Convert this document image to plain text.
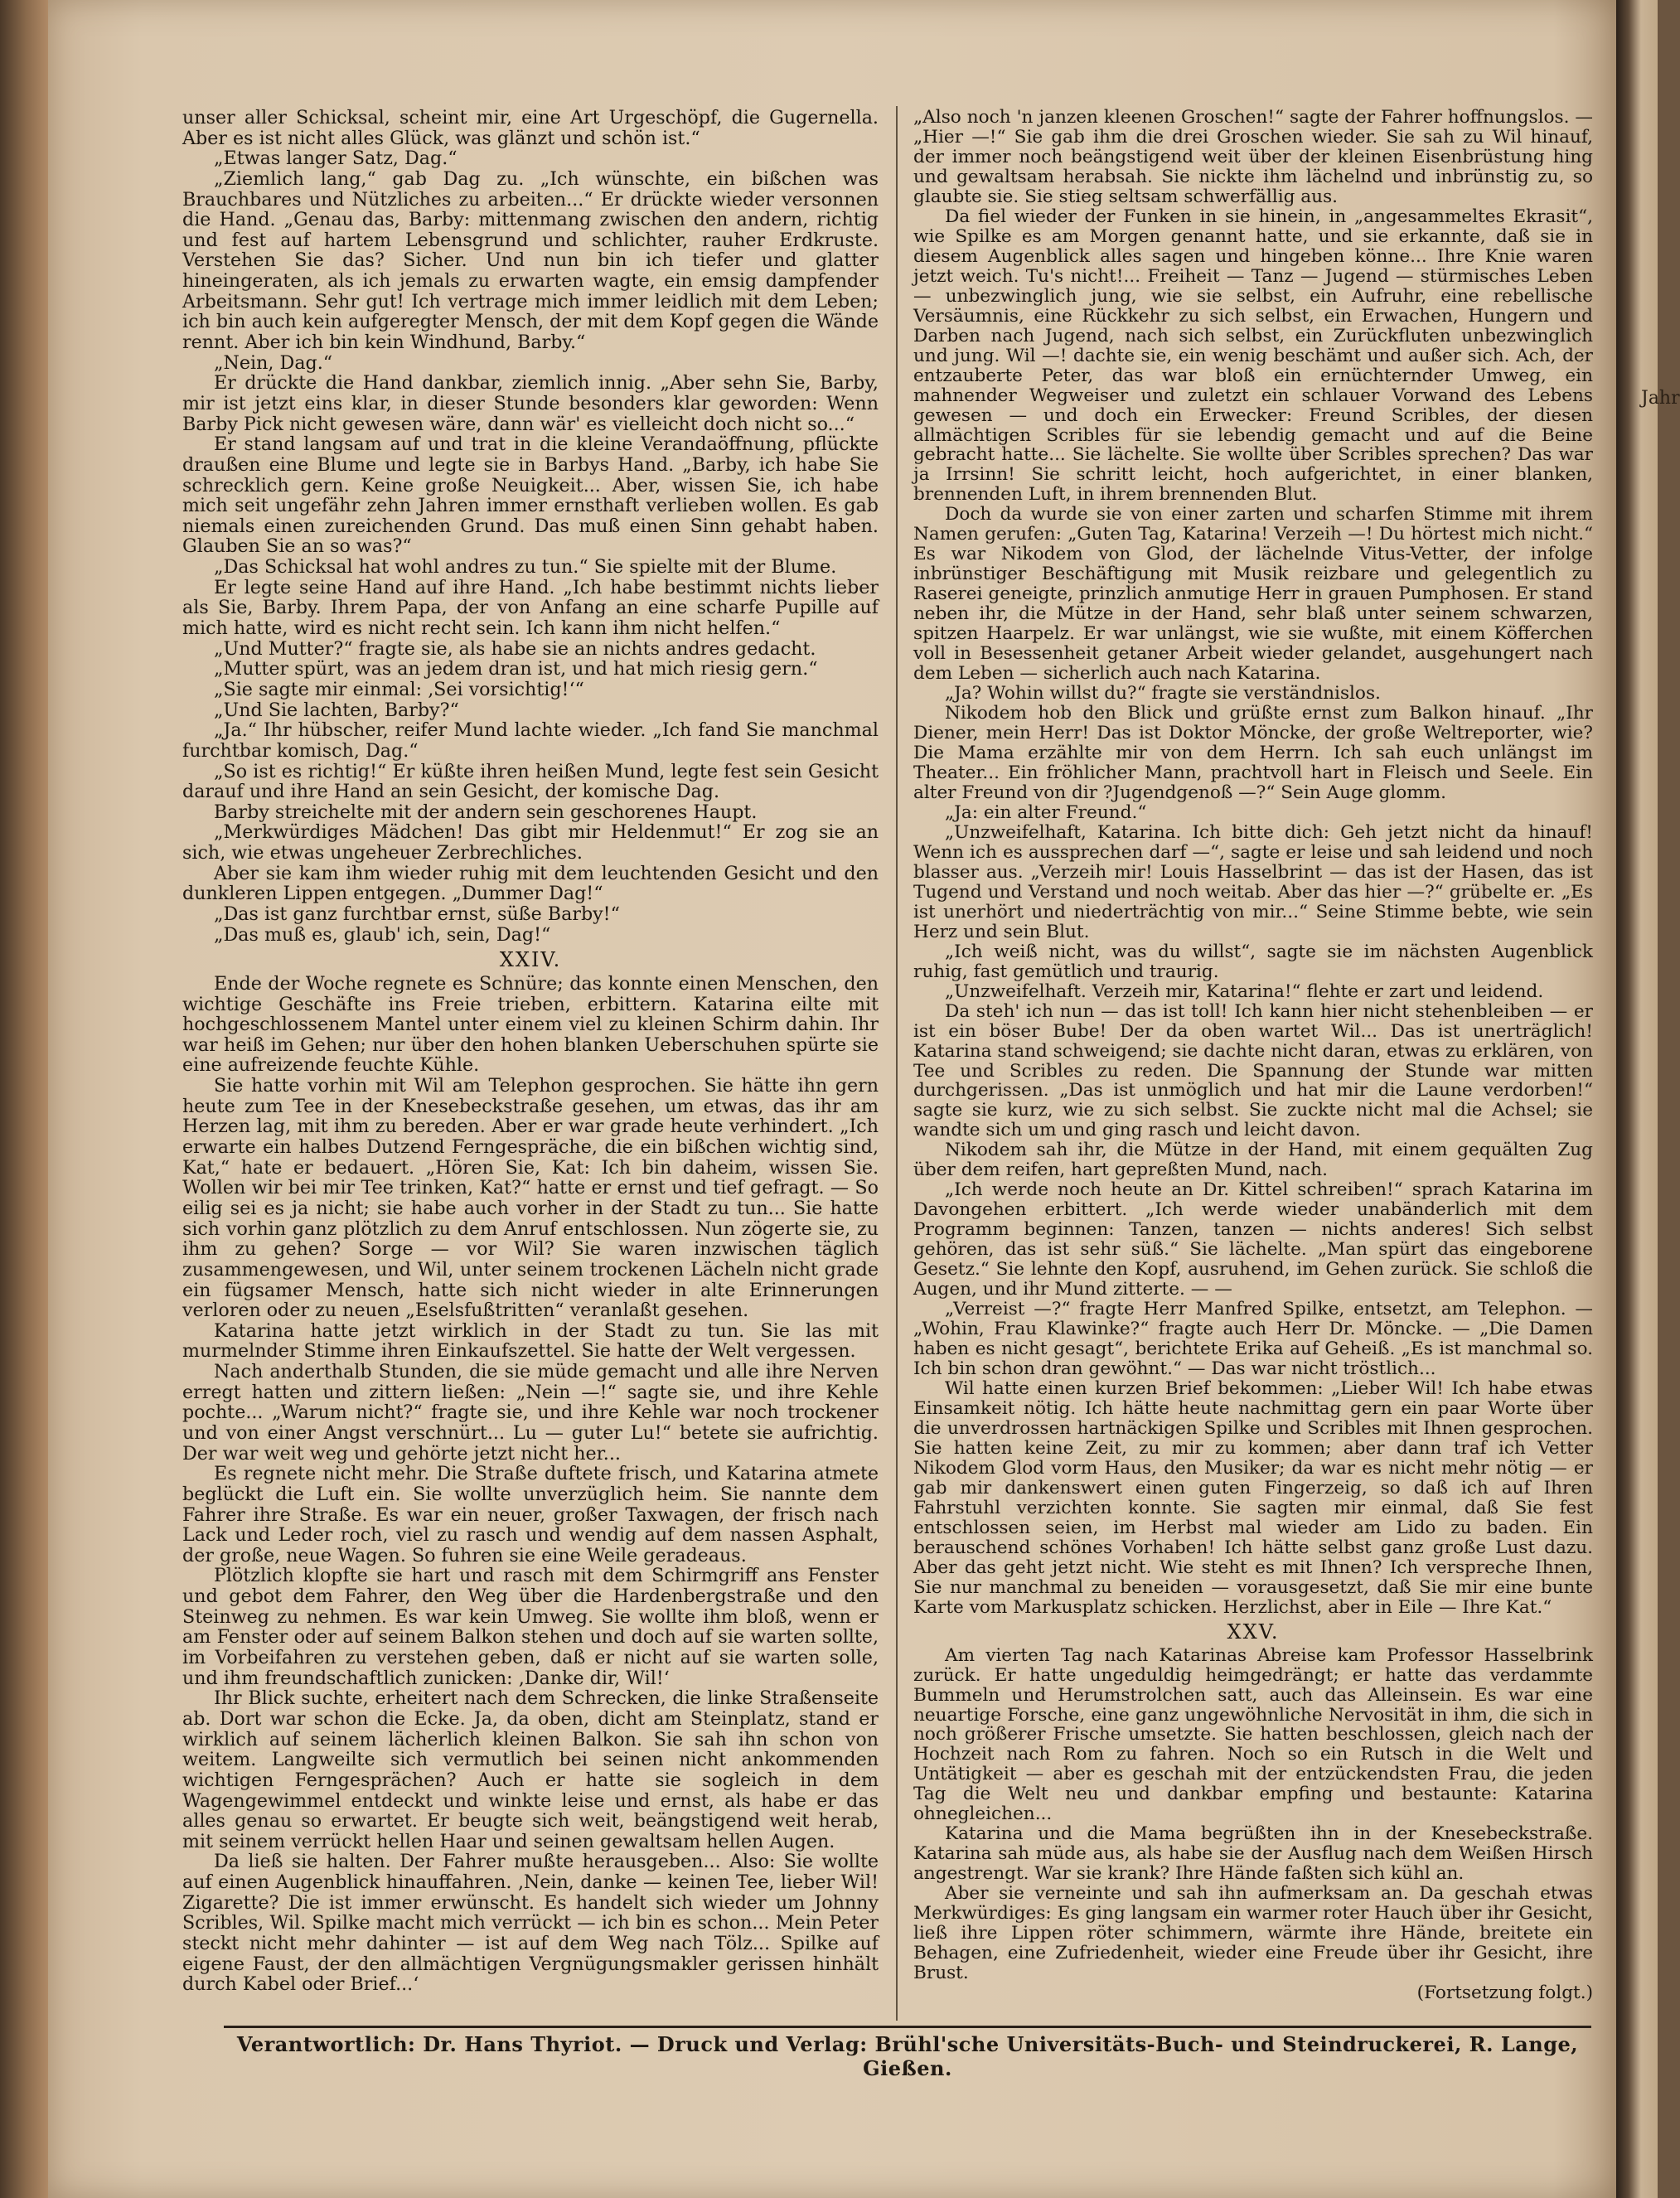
Jahr

unser aller Schicksal, scheint mir, eine Art Urgeschöpf, die Gugernella. Aber es ist nicht alles Glück, was glänzt und schön ist.“

„Etwas langer Satz, Dag.“

„Ziemlich lang,“ gab Dag zu. „Ich wünschte, ein bißchen was Brauchbares und Nützliches zu arbeiten...“ Er drückte wieder versonnen die Hand. „Genau das, Barby: mittenmang zwischen den andern, richtig und fest auf hartem Lebensgrund und schlichter, rauher Erdkruste. Verstehen Sie das? Sicher. Und nun bin ich tiefer und glatter hineingeraten, als ich jemals zu erwarten wagte, ein emsig dampfender Arbeitsmann. Sehr gut! Ich vertrage mich immer leidlich mit dem Leben; ich bin auch kein aufgeregter Mensch, der mit dem Kopf gegen die Wände rennt. Aber ich bin kein Windhund, Barby.“

„Nein, Dag.“

Er drückte die Hand dankbar, ziemlich innig. „Aber sehn Sie, Barby, mir ist jetzt eins klar, in dieser Stunde besonders klar geworden: Wenn Barby Pick nicht gewesen wäre, dann wär' es vielleicht doch nicht so...“

Er stand langsam auf und trat in die kleine Verandaöffnung, pflückte draußen eine Blume und legte sie in Barbys Hand. „Barby, ich habe Sie schrecklich gern. Keine große Neuigkeit... Aber, wissen Sie, ich habe mich seit ungefähr zehn Jahren immer ernsthaft verlieben wollen. Es gab niemals einen zureichenden Grund. Das muß einen Sinn gehabt haben. Glauben Sie an so was?“

„Das Schicksal hat wohl andres zu tun.“ Sie spielte mit der Blume.

Er legte seine Hand auf ihre Hand. „Ich habe bestimmt nichts lieber als Sie, Barby. Ihrem Papa, der von Anfang an eine scharfe Pupille auf mich hatte, wird es nicht recht sein. Ich kann ihm nicht helfen.“

„Und Mutter?“ fragte sie, als habe sie an nichts andres gedacht.

„Mutter spürt, was an jedem dran ist, und hat mich riesig gern.“

„Sie sagte mir einmal: ‚Sei vorsichtig!‘“

„Und Sie lachten, Barby?“

„Ja.“ Ihr hübscher, reifer Mund lachte wieder. „Ich fand Sie manchmal furchtbar komisch, Dag.“

„So ist es richtig!“ Er küßte ihren heißen Mund, legte fest sein Gesicht darauf und ihre Hand an sein Gesicht, der komische Dag.

Barby streichelte mit der andern sein geschorenes Haupt.

„Merkwürdiges Mädchen! Das gibt mir Heldenmut!“ Er zog sie an sich, wie etwas ungeheuer Zerbrechliches.

Aber sie kam ihm wieder ruhig mit dem leuchtenden Gesicht und den dunkleren Lippen entgegen. „Dummer Dag!“

„Das ist ganz furchtbar ernst, süße Barby!“

„Das muß es, glaub' ich, sein, Dag!“

XXIV.

Ende der Woche regnete es Schnüre; das konnte einen Menschen, den wichtige Geschäfte ins Freie trieben, erbittern. Katarina eilte mit hochgeschlossenem Mantel unter einem viel zu kleinen Schirm dahin. Ihr war heiß im Gehen; nur über den hohen blanken Ueberschuhen spürte sie eine aufreizende feuchte Kühle.

Sie hatte vorhin mit Wil am Telephon gesprochen. Sie hätte ihn gern heute zum Tee in der Knesebeckstraße gesehen, um etwas, das ihr am Herzen lag, mit ihm zu bereden. Aber er war grade heute verhindert. „Ich erwarte ein halbes Dutzend Ferngespräche, die ein bißchen wichtig sind, Kat,“ hate er bedauert. „Hören Sie, Kat: Ich bin daheim, wissen Sie. Wollen wir bei mir Tee trinken, Kat?“ hatte er ernst und tief gefragt. — So eilig sei es ja nicht; sie habe auch vorher in der Stadt zu tun... Sie hatte sich vorhin ganz plötzlich zu dem Anruf entschlossen. Nun zögerte sie, zu ihm zu gehen? Sorge — vor Wil? Sie waren inzwischen täglich zusammengewesen, und Wil, unter seinem trockenen Lächeln nicht grade ein fügsamer Mensch, hatte sich nicht wieder in alte Erinnerungen verloren oder zu neuen „Eselsfußtritten“ veranlaßt gesehen.

Katarina hatte jetzt wirklich in der Stadt zu tun. Sie las mit murmelnder Stimme ihren Einkaufszettel. Sie hatte der Welt vergessen.

Nach anderthalb Stunden, die sie müde gemacht und alle ihre Nerven erregt hatten und zittern ließen: „Nein —!“ sagte sie, und ihre Kehle pochte... „Warum nicht?“ fragte sie, und ihre Kehle war noch trockener und von einer Angst verschnürt... Lu — guter Lu!“ betete sie aufrichtig. Der war weit weg und gehörte jetzt nicht her...

Es regnete nicht mehr. Die Straße duftete frisch, und Katarina atmete beglückt die Luft ein. Sie wollte unverzüglich heim. Sie nannte dem Fahrer ihre Straße. Es war ein neuer, großer Taxwagen, der frisch nach Lack und Leder roch, viel zu rasch und wendig auf dem nassen Asphalt, der große, neue Wagen. So fuhren sie eine Weile geradeaus.

Plötzlich klopfte sie hart und rasch mit dem Schirmgriff ans Fenster und gebot dem Fahrer, den Weg über die Hardenbergstraße und den Steinweg zu nehmen. Es war kein Umweg. Sie wollte ihm bloß, wenn er am Fenster oder auf seinem Balkon stehen und doch auf sie warten sollte, im Vorbeifahren zu verstehen geben, daß er nicht auf sie warten solle, und ihm freundschaftlich zunicken: ‚Danke dir, Wil!‘

Ihr Blick suchte, erheitert nach dem Schrecken, die linke Straßenseite ab. Dort war schon die Ecke. Ja, da oben, dicht am Steinplatz, stand er wirklich auf seinem lächerlich kleinen Balkon. Sie sah ihn schon von weitem. Langweilte sich vermutlich bei seinen nicht ankommenden wichtigen Ferngesprächen? Auch er hatte sie sogleich in dem Wagengewimmel entdeckt und winkte leise und ernst, als habe er das alles genau so erwartet. Er beugte sich weit, beängstigend weit herab, mit seinem verrückt hellen Haar und seinen gewaltsam hellen Augen.

Da ließ sie halten. Der Fahrer mußte herausgeben... Also: Sie wollte auf einen Augenblick hinauffahren. ‚Nein, danke — keinen Tee, lieber Wil! Zigarette? Die ist immer erwünscht. Es handelt sich wieder um Johnny Scribles, Wil. Spilke macht mich verrückt — ich bin es schon... Mein Peter steckt nicht mehr dahinter — ist auf dem Weg nach Tölz... Spilke auf eigene Faust, der den allmächtigen Vergnügungsmakler gerissen hinhält durch Kabel oder Brief...‘

„Also noch 'n janzen kleenen Groschen!“ sagte der Fahrer hoffnungslos. — „Hier —!“ Sie gab ihm die drei Groschen wieder. Sie sah zu Wil hinauf, der immer noch beängstigend weit über der kleinen Eisenbrüstung hing und gewaltsam herabsah. Sie nickte ihm lächelnd und inbrünstig zu, so glaubte sie. Sie stieg seltsam schwerfällig aus.

Da fiel wieder der Funken in sie hinein, in „angesammeltes Ekrasit“, wie Spilke es am Morgen genannt hatte, und sie erkannte, daß sie in diesem Augenblick alles sagen und hingeben könne... Ihre Knie waren jetzt weich. Tu's nicht!... Freiheit — Tanz — Jugend — stürmisches Leben — unbezwinglich jung, wie sie selbst, ein Aufruhr, eine rebellische Versäumnis, eine Rückkehr zu sich selbst, ein Erwachen, Hungern und Darben nach Jugend, nach sich selbst, ein Zurückfluten unbezwinglich und jung. Wil —! dachte sie, ein wenig beschämt und außer sich. Ach, der entzauberte Peter, das war bloß ein ernüchternder Umweg, ein mahnender Wegweiser und zuletzt ein schlauer Vorwand des Lebens gewesen — und doch ein Erwecker: Freund Scribles, der diesen allmächtigen Scribles für sie lebendig gemacht und auf die Beine gebracht hatte... Sie lächelte. Sie wollte über Scribles sprechen? Das war ja Irrsinn! Sie schritt leicht, hoch aufgerichtet, in einer blanken, brennenden Luft, in ihrem brennenden Blut.

Doch da wurde sie von einer zarten und scharfen Stimme mit ihrem Namen gerufen: „Guten Tag, Katarina! Verzeih —! Du hörtest mich nicht.“ Es war Nikodem von Glod, der lächelnde Vitus-Vetter, der infolge inbrünstiger Beschäftigung mit Musik reizbare und gelegentlich zu Raserei geneigte, prinzlich anmutige Herr in grauen Pumphosen. Er stand neben ihr, die Mütze in der Hand, sehr blaß unter seinem schwarzen, spitzen Haarpelz. Er war unlängst, wie sie wußte, mit einem Köfferchen voll in Besessenheit getaner Arbeit wieder gelandet, ausgehungert nach dem Leben — sicherlich auch nach Katarina.

„Ja? Wohin willst du?“ fragte sie verständnislos.

Nikodem hob den Blick und grüßte ernst zum Balkon hinauf. „Ihr Diener, mein Herr! Das ist Doktor Möncke, der große Weltreporter, wie? Die Mama erzählte mir von dem Herrn. Ich sah euch unlängst im Theater... Ein fröhlicher Mann, prachtvoll hart in Fleisch und Seele. Ein alter Freund von dir ?Jugendgenoß —?“ Sein Auge glomm.

„Ja: ein alter Freund.“

„Unzweifelhaft, Katarina. Ich bitte dich: Geh jetzt nicht da hinauf! Wenn ich es aussprechen darf —“, sagte er leise und sah leidend und noch blasser aus. „Verzeih mir! Louis Hasselbrint — das ist der Hasen, das ist Tugend und Verstand und noch weitab. Aber das hier —?“ grübelte er. „Es ist unerhört und niederträchtig von mir...“ Seine Stimme bebte, wie sein Herz und sein Blut.

„Ich weiß nicht, was du willst“, sagte sie im nächsten Augenblick ruhig, fast gemütlich und traurig.

„Unzweifelhaft. Verzeih mir, Katarina!“ flehte er zart und leidend.

Da steh' ich nun — das ist toll! Ich kann hier nicht stehenbleiben — er ist ein böser Bube! Der da oben wartet Wil... Das ist unerträglich! Katarina stand schweigend; sie dachte nicht daran, etwas zu erklären, von Tee und Scribles zu reden. Die Spannung der Stunde war mitten durchgerissen. „Das ist unmöglich und hat mir die Laune verdorben!“ sagte sie kurz, wie zu sich selbst. Sie zuckte nicht mal die Achsel; sie wandte sich um und ging rasch und leicht davon.

Nikodem sah ihr, die Mütze in der Hand, mit einem gequälten Zug über dem reifen, hart gepreßten Mund, nach.

„Ich werde noch heute an Dr. Kittel schreiben!“ sprach Katarina im Davongehen erbittert. „Ich werde wieder unabänderlich mit dem Programm beginnen: Tanzen, tanzen — nichts anderes! Sich selbst gehören, das ist sehr süß.“ Sie lächelte. „Man spürt das eingeborene Gesetz.“ Sie lehnte den Kopf, ausruhend, im Gehen zurück. Sie schloß die Augen, und ihr Mund zitterte. — —

„Verreist —?“ fragte Herr Manfred Spilke, entsetzt, am Telephon. — „Wohin, Frau Klawinke?“ fragte auch Herr Dr. Möncke. — „Die Damen haben es nicht gesagt“, berichtete Erika auf Geheiß. „Es ist manchmal so. Ich bin schon dran gewöhnt.“ — Das war nicht tröstlich...

Wil hatte einen kurzen Brief bekommen: „Lieber Wil! Ich habe etwas Einsamkeit nötig. Ich hätte heute nachmittag gern ein paar Worte über die unverdrossen hartnäckigen Spilke und Scribles mit Ihnen gesprochen. Sie hatten keine Zeit, zu mir zu kommen; aber dann traf ich Vetter Nikodem Glod vorm Haus, den Musiker; da war es nicht mehr nötig — er gab mir dankenswert einen guten Fingerzeig, so daß ich auf Ihren Fahrstuhl verzichten konnte. Sie sagten mir einmal, daß Sie fest entschlossen seien, im Herbst mal wieder am Lido zu baden. Ein berauschend schönes Vorhaben! Ich hätte selbst ganz große Lust dazu. Aber das geht jetzt nicht. Wie steht es mit Ihnen? Ich verspreche Ihnen, Sie nur manchmal zu beneiden — vorausgesetzt, daß Sie mir eine bunte Karte vom Markusplatz schicken. Herzlichst, aber in Eile — Ihre Kat.“

XXV.

Am vierten Tag nach Katarinas Abreise kam Professor Hasselbrink zurück. Er hatte ungeduldig heimgedrängt; er hatte das verdammte Bummeln und Herumstrolchen satt, auch das Alleinsein. Es war eine neuartige Forsche, eine ganz ungewöhnliche Nervosität in ihm, die sich in noch größerer Frische umsetzte. Sie hatten beschlossen, gleich nach der Hochzeit nach Rom zu fahren. Noch so ein Rutsch in die Welt und Untätigkeit — aber es geschah mit der entzückendsten Frau, die jeden Tag die Welt neu und dankbar empfing und bestaunte: Katarina ohnegleichen...

Katarina und die Mama begrüßten ihn in der Knesebeckstraße. Katarina sah müde aus, als habe sie der Ausflug nach dem Weißen Hirsch angestrengt. War sie krank? Ihre Hände faßten sich kühl an.

Aber sie verneinte und sah ihn aufmerksam an. Da geschah etwas Merkwürdiges: Es ging langsam ein warmer roter Hauch über ihr Gesicht, ließ ihre Lippen röter schimmern, wärmte ihre Hände, breitete ein Behagen, eine Zufriedenheit, wieder eine Freude über ihr Gesicht, ihre Brust.

(Fortsetzung folgt.)

Verantwortlich: Dr. Hans Thyriot. — Druck und Verlag: Brühl'sche Universitäts-Buch- und Steindruckerei, R. Lange, Gießen.
